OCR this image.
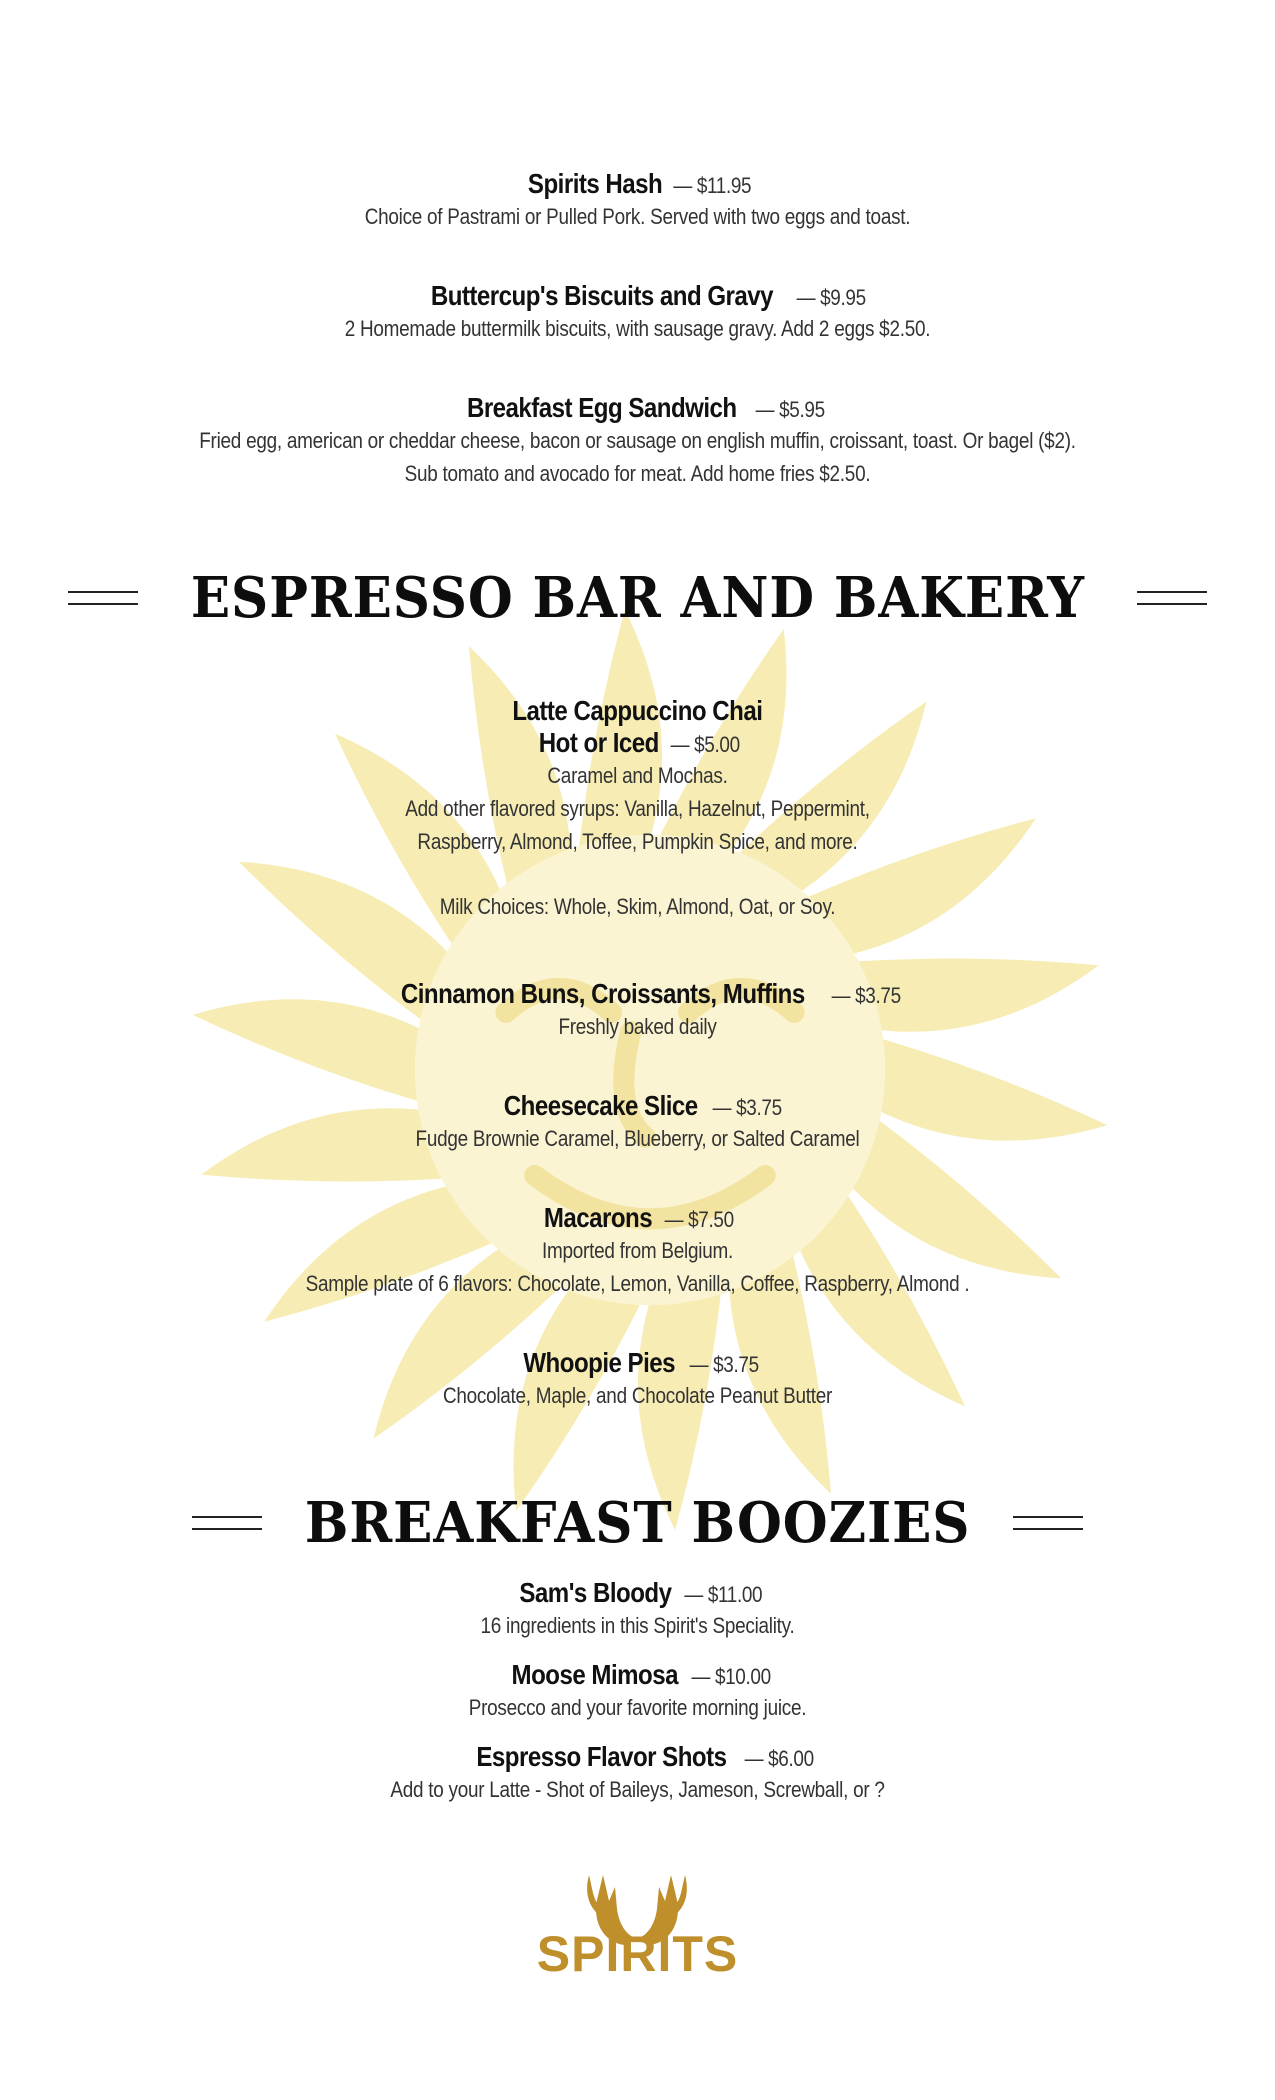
Spirits Hash — $11.95
Choice of Pastrami or Pulled Pork. Served with two eggs and toast.
Buttercup's Biscuits and Gravy — $9.95
2 Homemade buttermilk biscuits, with sausage gravy. Add 2 eggs $2.50.
Breakfast Egg Sandwich — $5.95
Fried egg, american or cheddar cheese, bacon or sausage on english muffin, croissant, toast. Or bagel ($2).
Sub tomato and avocado for meat. Add home fries $2.50.
ESPRESSO BAR AND BAKERY
Latte Cappuccino Chai
Hot or Iced — $5.00
Caramel and Mochas.
Add other flavored syrups: Vanilla, Hazelnut, Peppermint,
Raspberry, Almond, Toffee, Pumpkin Spice, and more.
Milk Choices: Whole, Skim, Almond, Oat, or Soy.
Cinnamon Buns, Croissants, Muffins — $3.75
Freshly baked daily
Cheesecake Slice — $3.75
Fudge Brownie Caramel, Blueberry, or Salted Caramel
Macarons — $7.50
Imported from Belgium.
Sample plate of 6 flavors: Chocolate, Lemon, Vanilla, Coffee, Raspberry, Almond .
Whoopie Pies — $3.75
Chocolate, Maple, and Chocolate Peanut Butter
BREAKFAST BOOZIES
Sam's Bloody — $11.00
16 ingredients in this Spirit's Speciality.
Moose Mimosa — $10.00
Prosecco and your favorite morning juice.
Espresso Flavor Shots — $6.00
Add to your Latte - Shot of Baileys, Jameson, Screwball, or ?
SPIRITS
